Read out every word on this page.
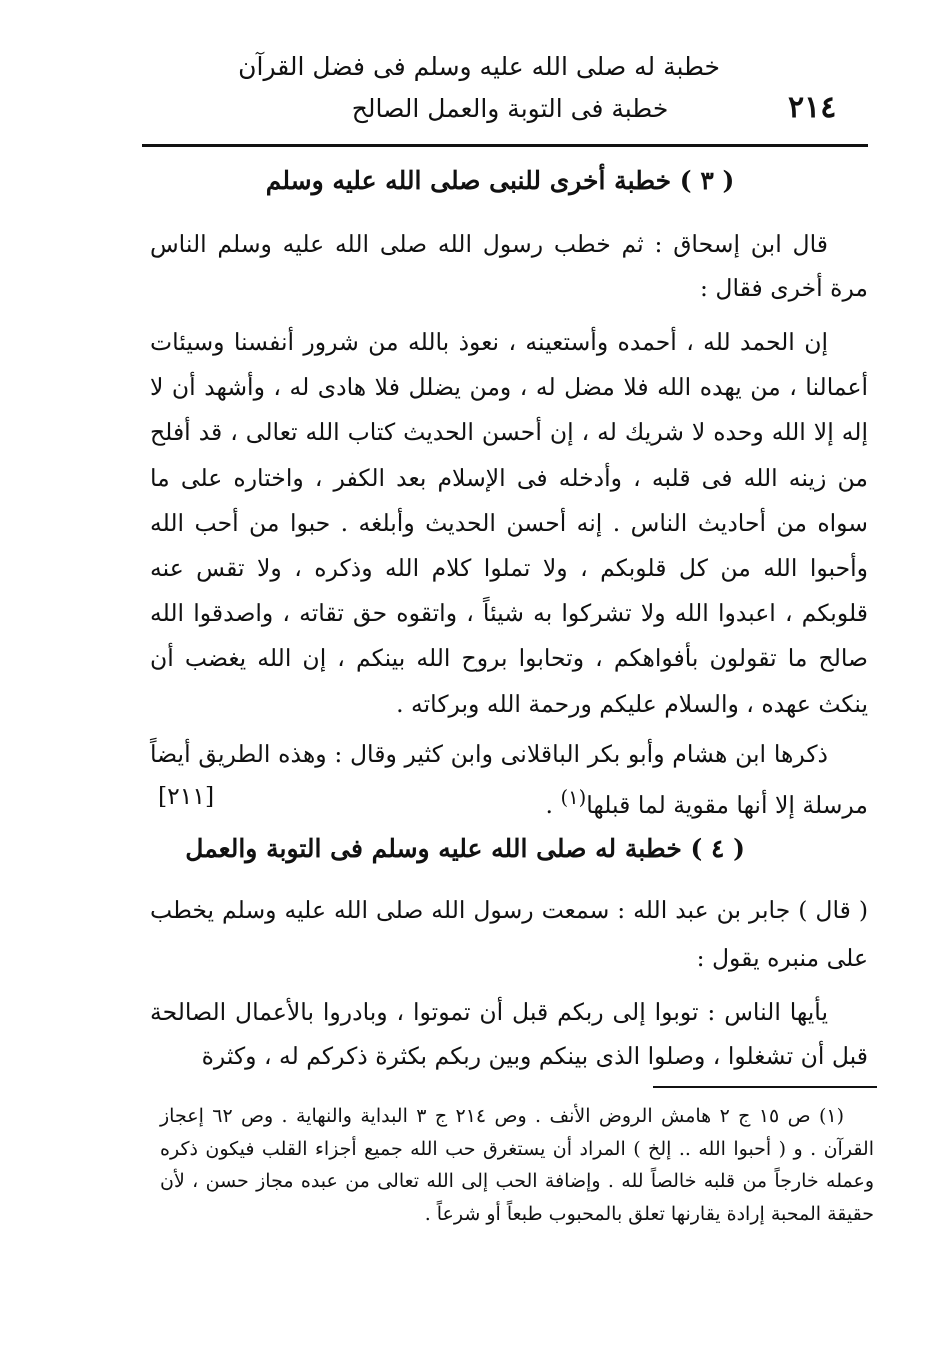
خطبة له صلى الله عليه وسلم فى فضل القرآن
خطبة فى التوبة والعمل الصالح	٢١٤
( ٣ ) خطبة أخرى للنبى صلى الله عليه وسلم

قال ابن إسحاق : ثم خطب رسول الله صلى الله عليه وسلم الناس مرة أخرى فقال :

إن الحمد لله ، أحمده وأستعينه ، نعوذ بالله من شرور أنفسنا وسيئات أعمالنا ، من يهده الله فلا مضل له ، ومن يضلل فلا هادى له ، وأشهد أن لا إله إلا الله وحده لا شريك له ، إن أحسن الحديث كتاب الله تعالى ، قد أفلح من زينه الله فى قلبه ، وأدخله فى الإسلام بعد الكفر ، واختاره على ما سواه من أحاديث الناس . إنه أحسن الحديث وأبلغه . حبوا من أحب الله وأحبوا الله من كل قلوبكم ، ولا تملوا كلام الله وذكره ، ولا تقس عنه قلوبكم ، اعبدوا الله ولا تشركوا به شيئاً ، واتقوه حق تقاته ، واصدقوا الله صالح ما تقولون بأفواهكم ، وتحابوا بروح الله بينكم ، إن الله يغضب أن ينكث عهده ، والسلام عليكم ورحمة الله وبركاته .

ذكرها ابن هشام وأبو بكر الباقلانى وابن كثير وقال : وهذه الطريق أيضاً مرسلة إلا أنها مقوية لما قبلها$^{(١)}$ .

[٢١١]
( ٤ ) خطبة له صلى الله عليه وسلم فى التوبة والعمل

( قال ) جابر بن عبد الله : سمعت رسول الله صلى الله عليه وسلم يخطب على منبره يقول :

يأيها الناس : توبوا إلى ربكم قبل أن تموتوا ، وبادروا بالأعمال الصالحة قبل أن تشغلوا ، وصلوا الذى بينكم وبين ربكم بكثرة ذكركم له ، وكثرة

(١) ص ١٥ ج ٢ هامش الروض الأنف . وص ٢١٤ ج ٣ البداية والنهاية . وص ٦٢ إعجاز القرآن . و ( أحبوا الله .. إلخ ) المراد أن يستغرق حب الله جميع أجزاء القلب فيكون ذكره وعمله خارجاً من قلبه خالصاً لله . وإضافة الحب إلى الله تعالى من عبده مجاز حسن ، لأن حقيقة المحبة إرادة يقارنها تعلق بالمحبوب طبعاً أو شرعاً .
